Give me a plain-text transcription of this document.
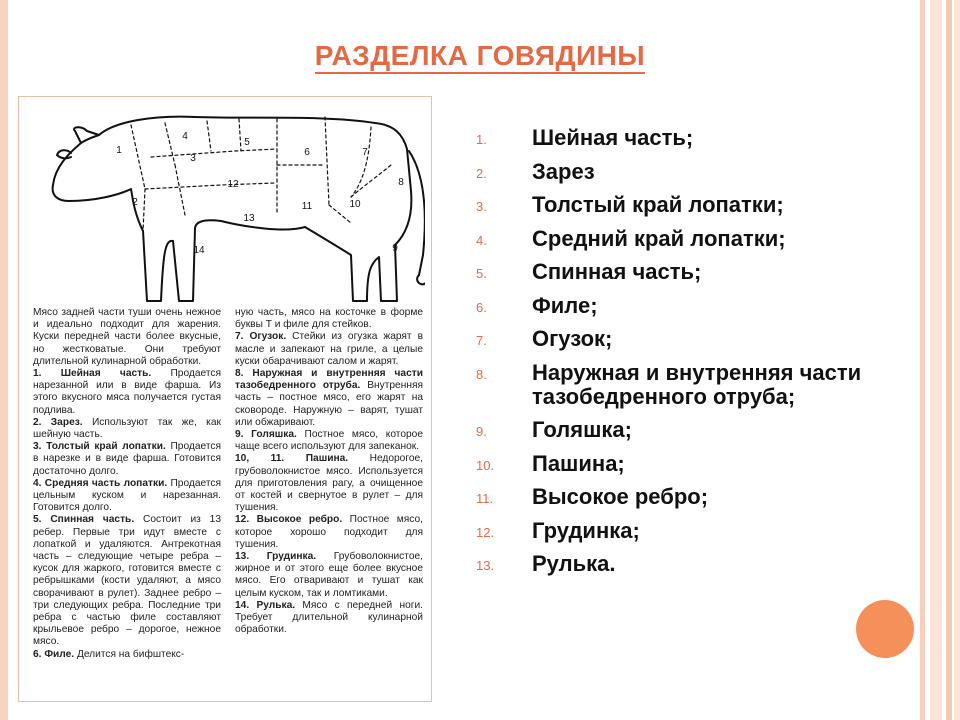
РАЗДЕЛКА ГОВЯДИНЫ
1
2
3
4
5
6	7
8
9
10
11
12
13
14

Мясо задней части туши очень нежное и идеально подходит для жарения. Куски передней части более вкусные, но жестковатые. Они требуют длительной кулинарной обработки.

1. Шейная часть. Продается нарезанной или в виде фарша. Из этого вкусного мяса получается густая подлива.

2. Зарез. Используют так же, как шейную часть.

3. Толстый край лопатки. Продается в нарезке и в виде фарша. Готовится достаточно долго.

4. Средняя часть лопатки. Продается цельным куском и нарезанная. Готовится долго.

5. Спинная часть. Состоит из 13 ребер. Первые три идут вместе с лопаткой и удаляются. Антрекотная часть – следующие четыре ребра – кусок для жаркого, готовится вместе с ребрышками (кости удаляют, а мясо сворачивают в рулет). Заднее ребро – три следующих ребра. Последние три ребра с частью филе составляют крыльевое ребро – дорогое, нежное мясо.

6. Филе. Делится на бифштекс-

ную часть, мясо на косточке в форме буквы Т и филе для стейков.

7. Огузок. Стейки из огузка жарят в масле и запекают на гриле, а целые куски обарачивают салом и жарят.

8. Наружная и внутренняя части тазобедренного отруба. Внутренняя часть – постное мясо, его жарят на сковороде. Наружную – варят, тушат или обжаривают.

9. Голяшка. Постное мясо, которое чаще всего используют для запеканок.

10, 11. Пашина. Недорогое, грубоволокнистое мясо. Используется для приготовления рагу, а очищенное от костей и свернутое в рулет – для тушения.

12. Высокое ребро. Постное мясо, которое хорошо подходит для тушения.

13. Грудинка. Грубоволокнистое, жирное и от этого еще более вкусное мясо. Его отваривают и тушат как целым куском, так и ломтиками.

14. Рулька. Мясо с передней ноги. Требует длительной кулинарной обработки.

1.	Шейная часть;
2.	Зарез
3.	Толстый край лопатки;
4.	Средний край лопатки;
5.	Спинная часть;
6.	Филе;
7.	Огузок;
8.	Наружная и внутренняя части тазобедренного отруба;
9.	Голяшка;
10.	Пашина;
11.	Высокое ребро;
12.	Грудинка;
13.	Рулька.
